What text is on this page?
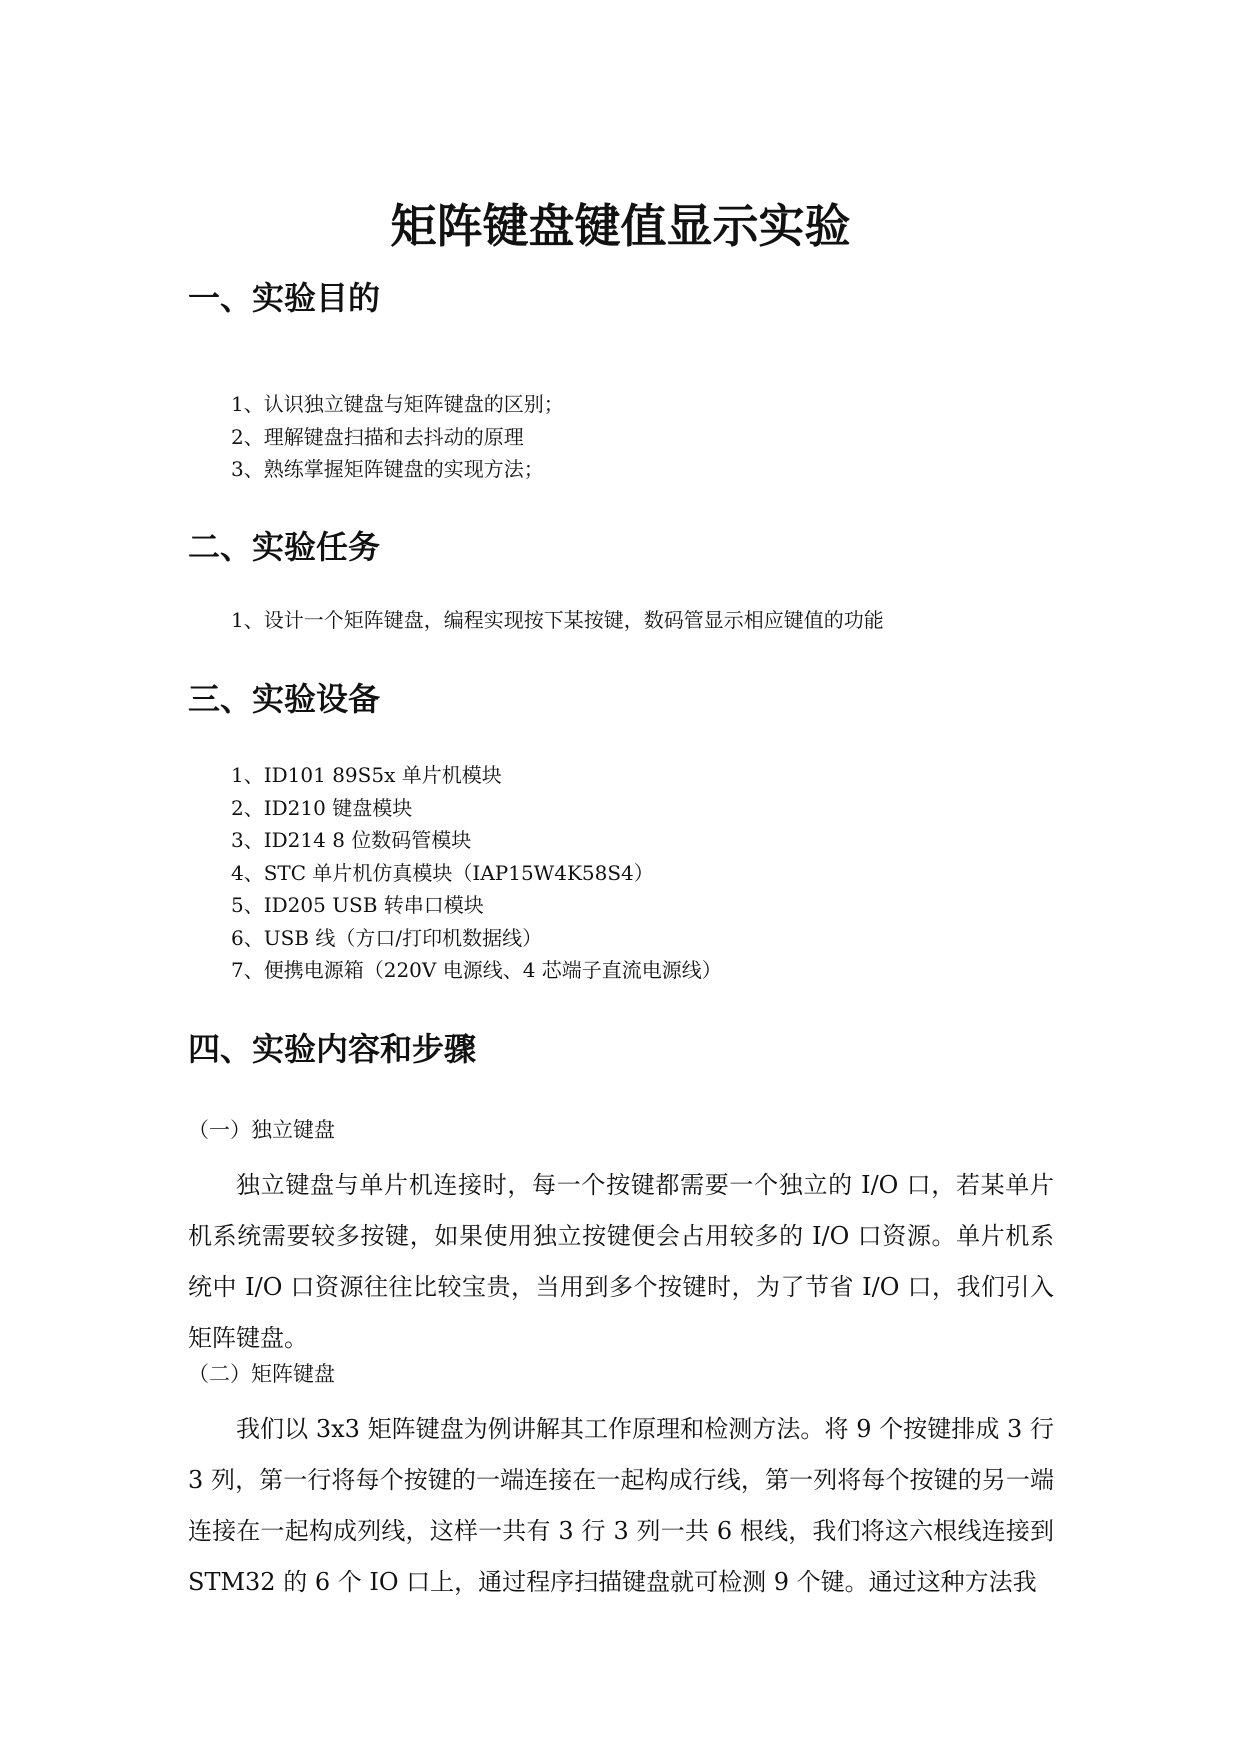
矩阵键盘键值显示实验
一、实验目的
1、认识独立键盘与矩阵键盘的区别；
2、理解键盘扫描和去抖动的原理
3、熟练掌握矩阵键盘的实现方法；
二、实验任务
1、设计一个矩阵键盘，编程实现按下某按键，数码管显示相应键值的功能
三、实验设备
1、ID101 89S5x 单片机模块
2、ID210 键盘模块
3、ID214 8 位数码管模块
4、STC 单片机仿真模块（IAP15W4K58S4）
5、ID205 USB 转串口模块
6、USB 线（方口/打印机数据线）
7、便携电源箱（220V 电源线、4 芯端子直流电源线）
四、实验内容和步骤
（一）独立键盘

独立键盘与单片机连接时，每一个按键都需要一个独立的 I/O 口，若某单片机系统需要较多按键，如果使用独立按键便会占用较多的 I/O 口资源。单片机系统中 I/O 口资源往往比较宝贵，当用到多个按键时，为了节省 I/O 口，我们引入矩阵键盘。

（二）矩阵键盘

我们以 3x3 矩阵键盘为例讲解其工作原理和检测方法。将 9 个按键排成 3 行 3 列，第一行将每个按键的一端连接在一起构成行线，第一列将每个按键的另一端连接在一起构成列线，这样一共有 3 行 3 列一共 6 根线，我们将这六根线连接到 STM32 的 6 个 IO 口上，通过程序扫描键盘就可检测 9 个键。通过这种方法我
